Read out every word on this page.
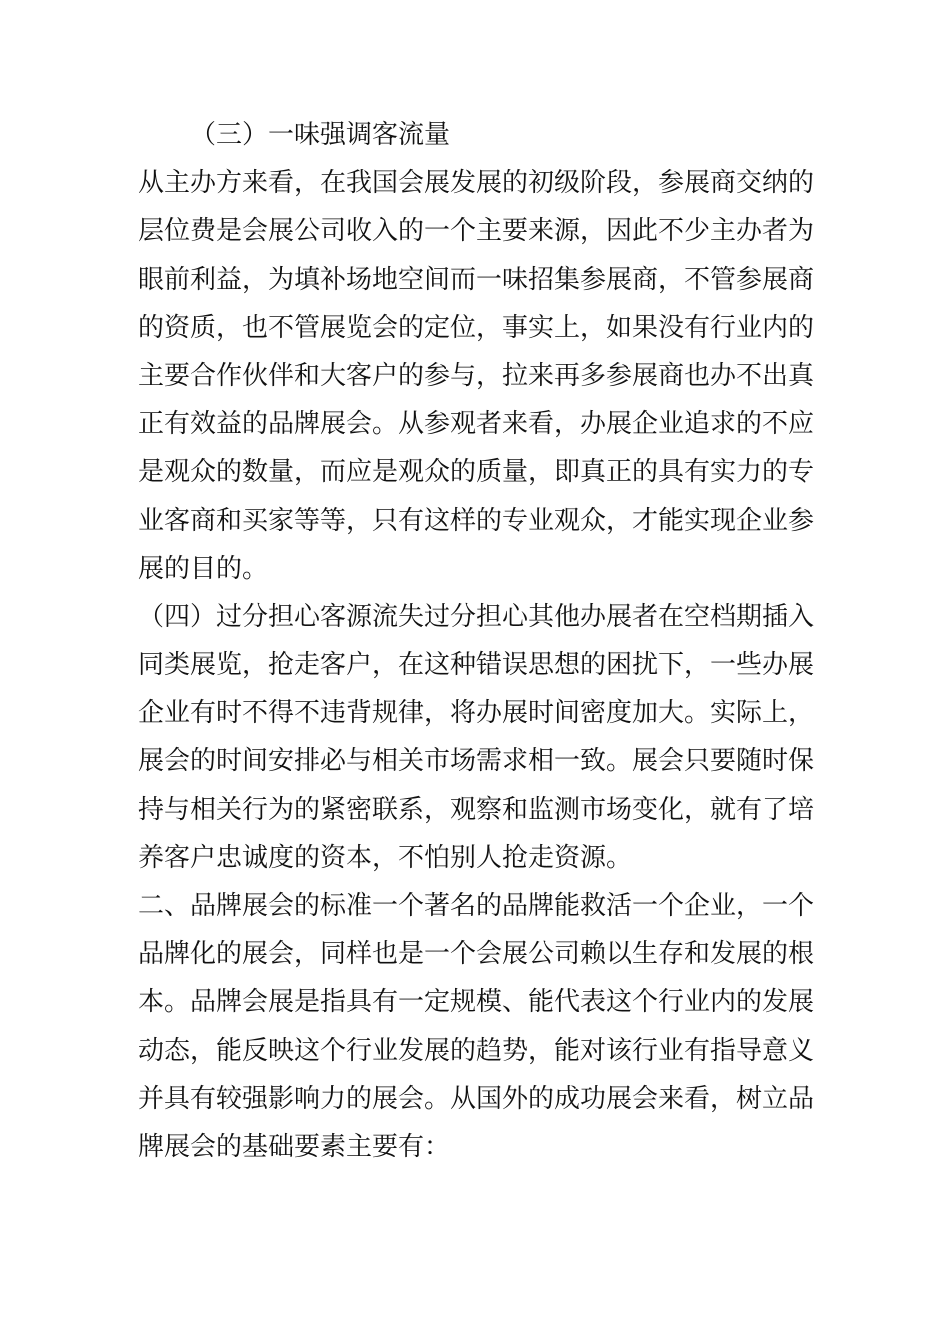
（三）一味强调客流量
从主办方来看，在我国会展发展的初级阶段，参展商交纳的
层位费是会展公司收入的一个主要来源，因此不少主办者为
眼前利益，为填补场地空间而一味招集参展商，不管参展商
的资质，也不管展览会的定位，事实上，如果没有行业内的
主要合作伙伴和大客户的参与，拉来再多参展商也办不出真
正有效益的品牌展会。从参观者来看，办展企业追求的不应
是观众的数量，而应是观众的质量，即真正的具有实力的专
业客商和买家等等，只有这样的专业观众，才能实现企业参
展的目的。
（四）过分担心客源流失过分担心其他办展者在空档期插入
同类展览，抢走客户，在这种错误思想的困扰下，一些办展
企业有时不得不违背规律，将办展时间密度加大。实际上，
展会的时间安排必与相关市场需求相一致。展会只要随时保
持与相关行为的紧密联系，观察和监测市场变化，就有了培
养客户忠诚度的资本，不怕别人抢走资源。
二、品牌展会的标准一个著名的品牌能救活一个企业，一个
品牌化的展会，同样也是一个会展公司赖以生存和发展的根
本。品牌会展是指具有一定规模、能代表这个行业内的发展
动态，能反映这个行业发展的趋势，能对该行业有指导意义
并具有较强影响力的展会。从国外的成功展会来看，树立品
牌展会的基础要素主要有：
